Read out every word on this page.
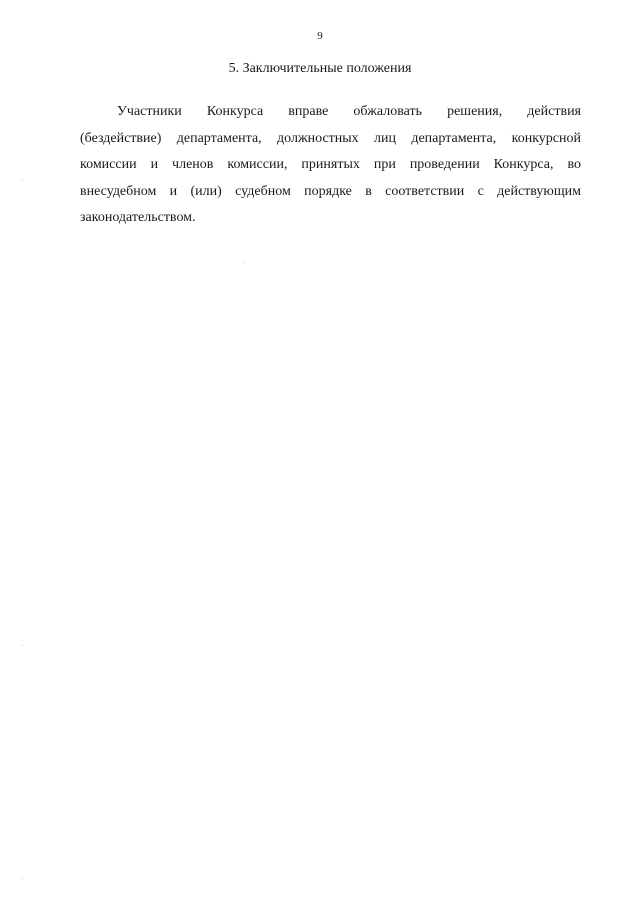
9
5. Заключительные положения
Участники Конкурса вправе обжаловать решения, действия
(бездействие) департамента, должностных лиц департамента, конкурсной
комиссии и членов комиссии, принятых при проведении Конкурса, во
внесудебном и (или) судебном порядке в соответствии с действующим
законодательством.
